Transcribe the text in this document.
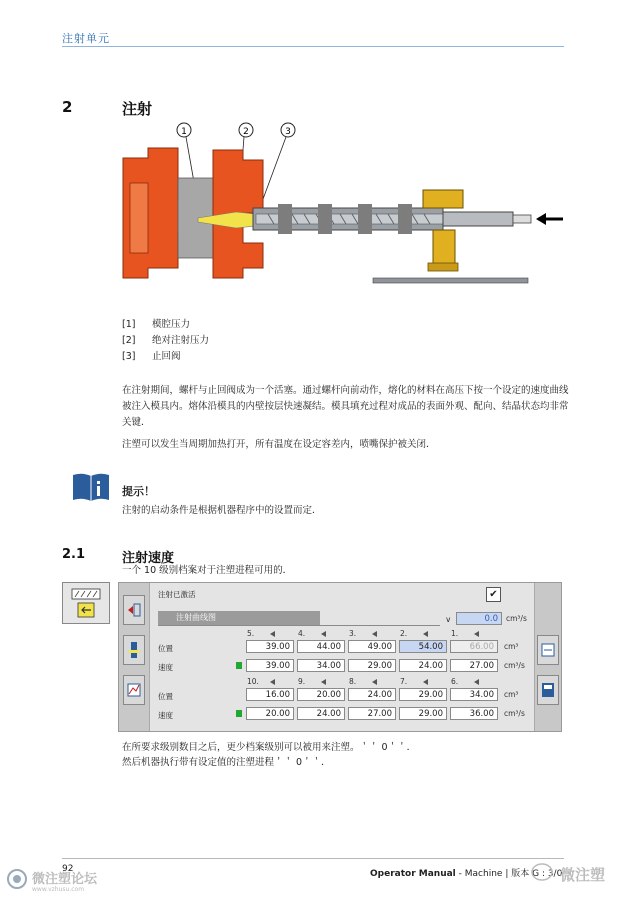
注射单元
2	注射
1	2	3
[1] 模腔压力
[2] 绝对注射压力
[3] 止回阀
在注射期间，螺杆与止回阀成为一个活塞。通过螺杆向前动作，熔化的材料在高压下按一个设定的速度曲线被注入模具内。熔体沿模具的内壁按层快速凝结。模具填充过程对成品的表面外观、配向、结晶状态均非常关键．
注塑可以发生当周期加热打开，所有温度在设定容差内，喷嘴保护被关闭．
提示！
注射的启动条件是根据机器程序中的设置而定．
2.1	注射速度
一个 10 级别档案对于注塑进程可用的．
注射已激活	✔
注射曲线图	v	0.0	cm³/s
5.	4.	3.	2.	1.
位置	39.00	44.00	49.00	54.00	66.00	cm³
速度	39.00	34.00	29.00	24.00	27.00	cm³/s
10.	9.	8.	7.	6.
位置	16.00	20.00	24.00	29.00	34.00	cm³
速度	20.00	24.00	27.00	29.00	36.00	cm³/s
在所要求级别数目之后，更少档案级别可以被用来注塑。＇＇ 0＇＇．
然后机器执行带有设定值的注塑进程＇＇ 0＇＇．
92	Operator Manual - Machine | 版本 G : 3/0
微注塑论坛
www.vzhusu.com
微注塑
